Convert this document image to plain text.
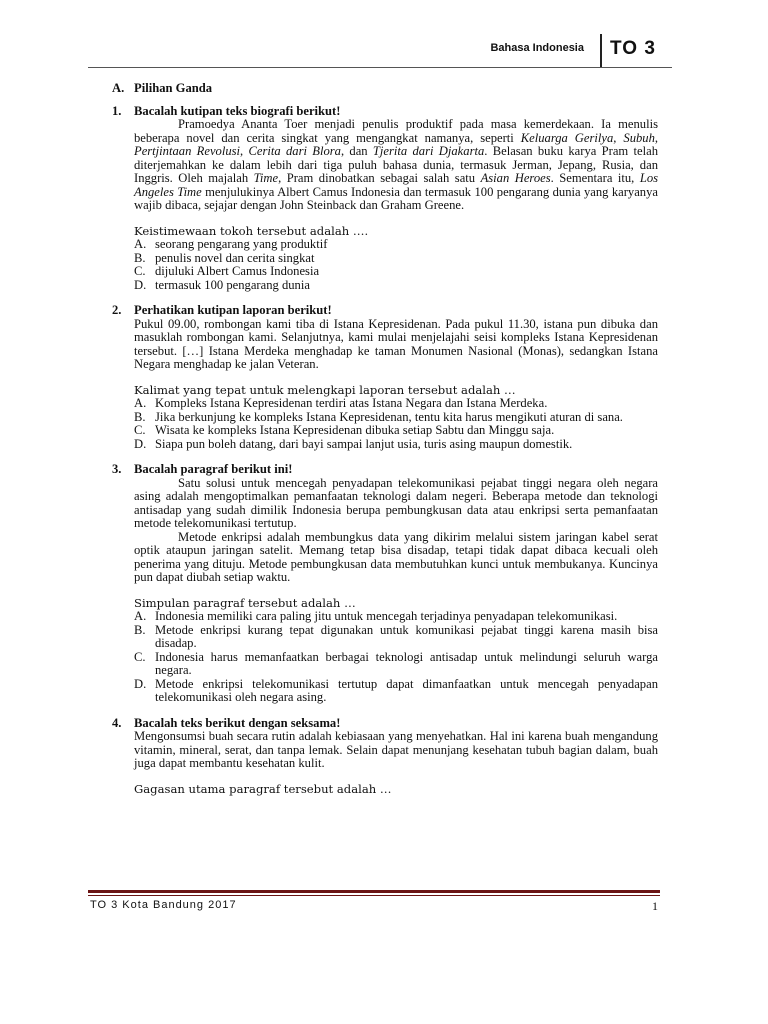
Bahasa Indonesia TO 3
A. Pilihan Ganda
1. Bacalah kutipan teks biografi berikut!
Pramoedya Ananta Toer menjadi penulis produktif pada masa kemerdekaan. Ia menulis beberapa novel dan cerita singkat yang mengangkat namanya, seperti Keluarga Gerilya, Subuh, Pertjintaan Revolusi, Cerita dari Blora, dan Tjerita dari Djakarta. Belasan buku karya Pram telah diterjemahkan ke dalam lebih dari tiga puluh bahasa dunia, termasuk Jerman, Jepang, Rusia, dan Inggris. Oleh majalah Time, Pram dinobatkan sebagai salah satu Asian Heroes. Sementara itu, Los Angeles Time menjulukinya Albert Camus Indonesia dan termasuk 100 pengarang dunia yang karyanya wajib dibaca, sejajar dengan John Steinback dan Graham Greene.
Keistimewaan tokoh tersebut adalah ….
A. seorang pengarang yang produktif
B. penulis novel dan cerita singkat
C. dijuluki Albert Camus Indonesia
D. termasuk 100 pengarang dunia
2. Perhatikan kutipan laporan berikut!
Pukul 09.00, rombongan kami tiba di Istana Kepresidenan. Pada pukul 11.30, istana pun dibuka dan masuklah rombongan kami. Selanjutnya, kami mulai menjelajahi seisi kompleks Istana Kepresidenan tersebut. […] Istana Merdeka menghadap ke taman Monumen Nasional (Monas), sedangkan Istana Negara menghadap ke jalan Veteran.
Kalimat yang tepat untuk melengkapi laporan tersebut adalah …
A. Kompleks Istana Kepresidenan terdiri atas Istana Negara dan Istana Merdeka.
B. Jika berkunjung ke kompleks Istana Kepresidenan, tentu kita harus mengikuti aturan di sana.
C. Wisata ke kompleks Istana Kepresidenan dibuka setiap Sabtu dan Minggu saja.
D. Siapa pun boleh datang, dari bayi sampai lanjut usia, turis asing maupun domestik.
3. Bacalah paragraf berikut ini!
Satu solusi untuk mencegah penyadapan telekomunikasi pejabat tinggi negara oleh negara asing adalah mengoptimalkan pemanfaatan teknologi dalam negeri. Beberapa metode dan teknologi antisadap yang sudah dimilik Indonesia berupa pembungkusan data atau enkripsi serta pemanfaatan metode telekomunikasi tertutup.
Metode enkripsi adalah membungkus data yang dikirim melalui sistem jaringan kabel serat optik ataupun jaringan satelit. Memang tetap bisa disadap, tetapi tidak dapat dibaca kecuali oleh penerima yang dituju. Metode pembungkusan data membutuhkan kunci untuk membukanya. Kuncinya pun dapat diubah setiap waktu.
Simpulan paragraf tersebut adalah …
A. Indonesia memiliki cara paling jitu untuk mencegah terjadinya penyadapan telekomunikasi.
B. Metode enkripsi kurang tepat digunakan untuk komunikasi pejabat tinggi karena masih bisa disadap.
C. Indonesia harus memanfaatkan berbagai teknologi antisadap untuk melindungi seluruh warga negara.
D. Metode enkripsi telekomunikasi tertutup dapat dimanfaatkan untuk mencegah penyadapan telekomunikasi oleh negara asing.
4. Bacalah teks berikut dengan seksama!
Mengonsumsi buah secara rutin adalah kebiasaan yang menyehatkan. Hal ini karena buah mengandung vitamin, mineral, serat, dan tanpa lemak. Selain dapat menunjang kesehatan tubuh bagian dalam, buah juga dapat membantu kesehatan kulit.
Gagasan utama paragraf tersebut adalah …
TO 3 Kota Bandung 2017	1
